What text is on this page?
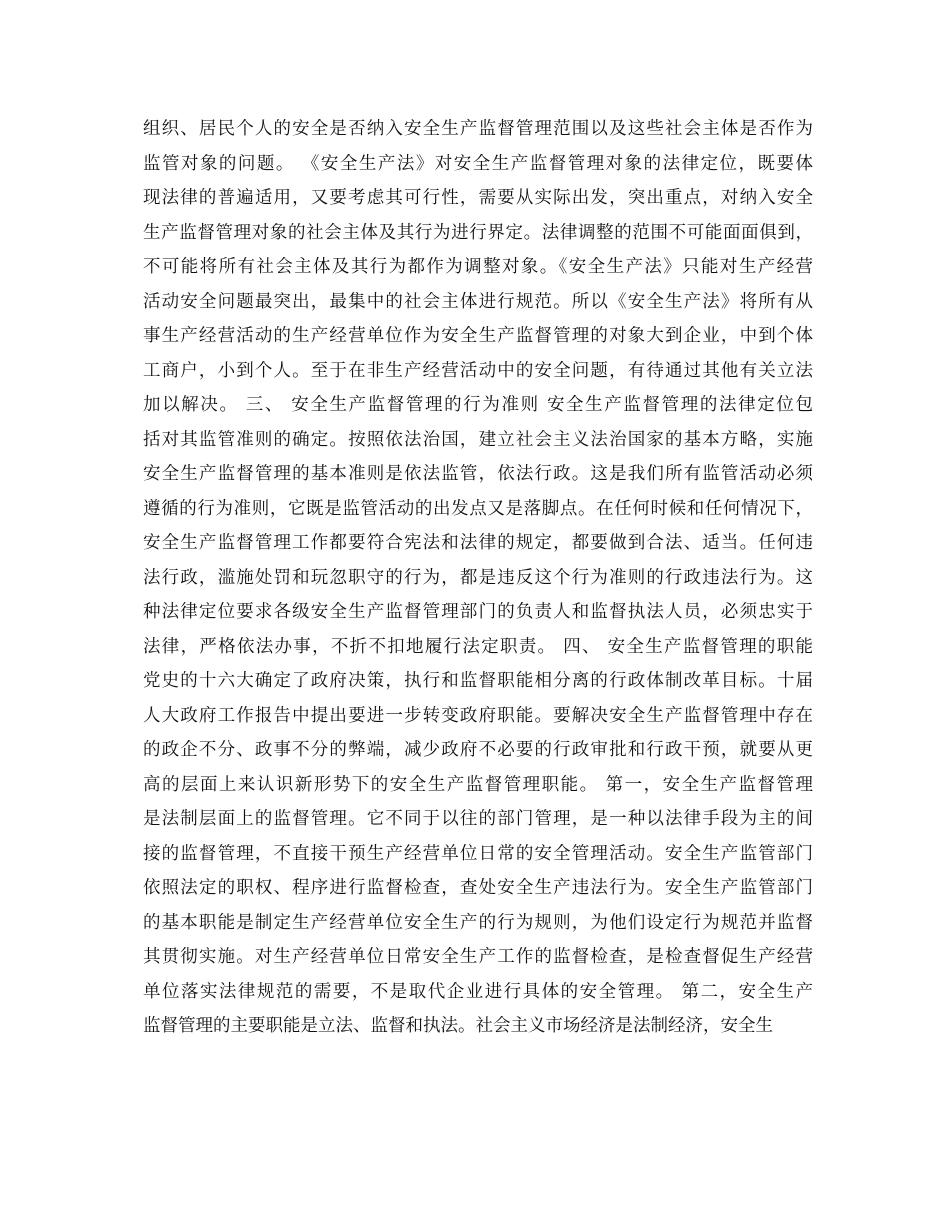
组织、居民个人的安全是否纳入安全生产监督管理范围以及这些社会主体是否作为
监管对象的问题。 《安全生产法》对安全生产监督管理对象的法律定位，既要体
现法律的普遍适用，又要考虑其可行性，需要从实际出发，突出重点，对纳入安全
生产监督管理对象的社会主体及其行为进行界定。法律调整的范围不可能面面俱到，
不可能将所有社会主体及其行为都作为调整对象。《安全生产法》只能对生产经营
活动安全问题最突出，最集中的社会主体进行规范。所以《安全生产法》将所有从
事生产经营活动的生产经营单位作为安全生产监督管理的对象大到企业，中到个体
工商户，小到个人。至于在非生产经营活动中的安全问题，有待通过其他有关立法
加以解决。 三、 安全生产监督管理的行为准则 安全生产监督管理的法律定位包
括对其监管准则的确定。按照依法治国，建立社会主义法治国家的基本方略，实施
安全生产监督管理的基本准则是依法监管，依法行政。这是我们所有监管活动必须
遵循的行为准则，它既是监管活动的出发点又是落脚点。在任何时候和任何情况下，
安全生产监督管理工作都要符合宪法和法律的规定，都要做到合法、适当。任何违
法行政，滥施处罚和玩忽职守的行为，都是违反这个行为准则的行政违法行为。这
种法律定位要求各级安全生产监督管理部门的负责人和监督执法人员，必须忠实于
法律，严格依法办事，不折不扣地履行法定职责。 四、 安全生产监督管理的职能
党史的十六大确定了政府决策，执行和监督职能相分离的行政体制改革目标。十届
人大政府工作报告中提出要进一步转变政府职能。要解决安全生产监督管理中存在
的政企不分、政事不分的弊端，减少政府不必要的行政审批和行政干预，就要从更
高的层面上来认识新形势下的安全生产监督管理职能。 第一，安全生产监督管理
是法制层面上的监督管理。它不同于以往的部门管理，是一种以法律手段为主的间
接的监督管理，不直接干预生产经营单位日常的安全管理活动。安全生产监管部门
依照法定的职权、程序进行监督检查，查处安全生产违法行为。安全生产监管部门
的基本职能是制定生产经营单位安全生产的行为规则，为他们设定行为规范并监督
其贯彻实施。对生产经营单位日常安全生产工作的监督检查，是检查督促生产经营
单位落实法律规范的需要，不是取代企业进行具体的安全管理。 第二，安全生产
监督管理的主要职能是立法、监督和执法。社会主义市场经济是法制经济，安全生
